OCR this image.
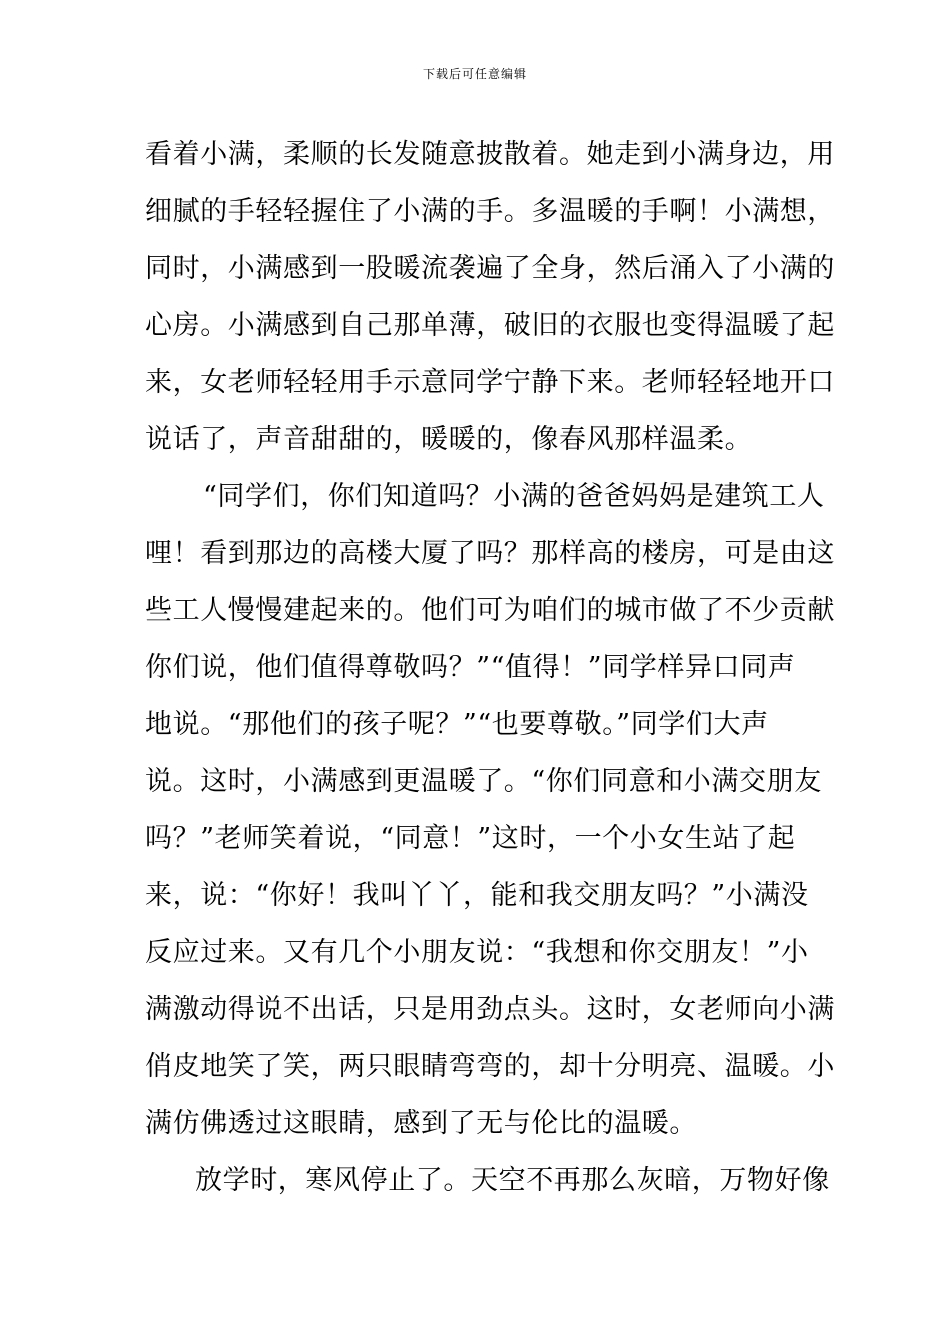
下载后可任意编辑
看着小满，柔顺的长发随意披散着。她走到小满身边，用
细腻的手轻轻握住了小满的手。多温暖的手啊！小满想，
同时，小满感到一股暖流袭遍了全身，然后涌入了小满的
心房。小满感到自己那单薄，破旧的衣服也变得温暖了起
来，女老师轻轻用手示意同学宁静下来。老师轻轻地开口
说话了，声音甜甜的，暖暖的，像春风那样温柔。
“同学们，你们知道吗？小满的爸爸妈妈是建筑工人
哩！看到那边的高楼大厦了吗？那样高的楼房，可是由这
些工人慢慢建起来的。他们可为咱们的城市做了不少贡献
你们说，他们值得尊敬吗？”“值得！”同学样异口同声
地说。“那他们的孩子呢？”“也要尊敬。”同学们大声
说。这时，小满感到更温暖了。“你们同意和小满交朋友
吗？”老师笑着说，“同意！”这时，一个小女生站了起
来，说：“你好！我叫丫丫，能和我交朋友吗？”小满没
反应过来。又有几个小朋友说：“我想和你交朋友！”小
满激动得说不出话，只是用劲点头。这时，女老师向小满
俏皮地笑了笑，两只眼睛弯弯的，却十分明亮、温暖。小
满仿佛透过这眼睛，感到了无与伦比的温暖。
放学时，寒风停止了。天空不再那么灰暗，万物好像
